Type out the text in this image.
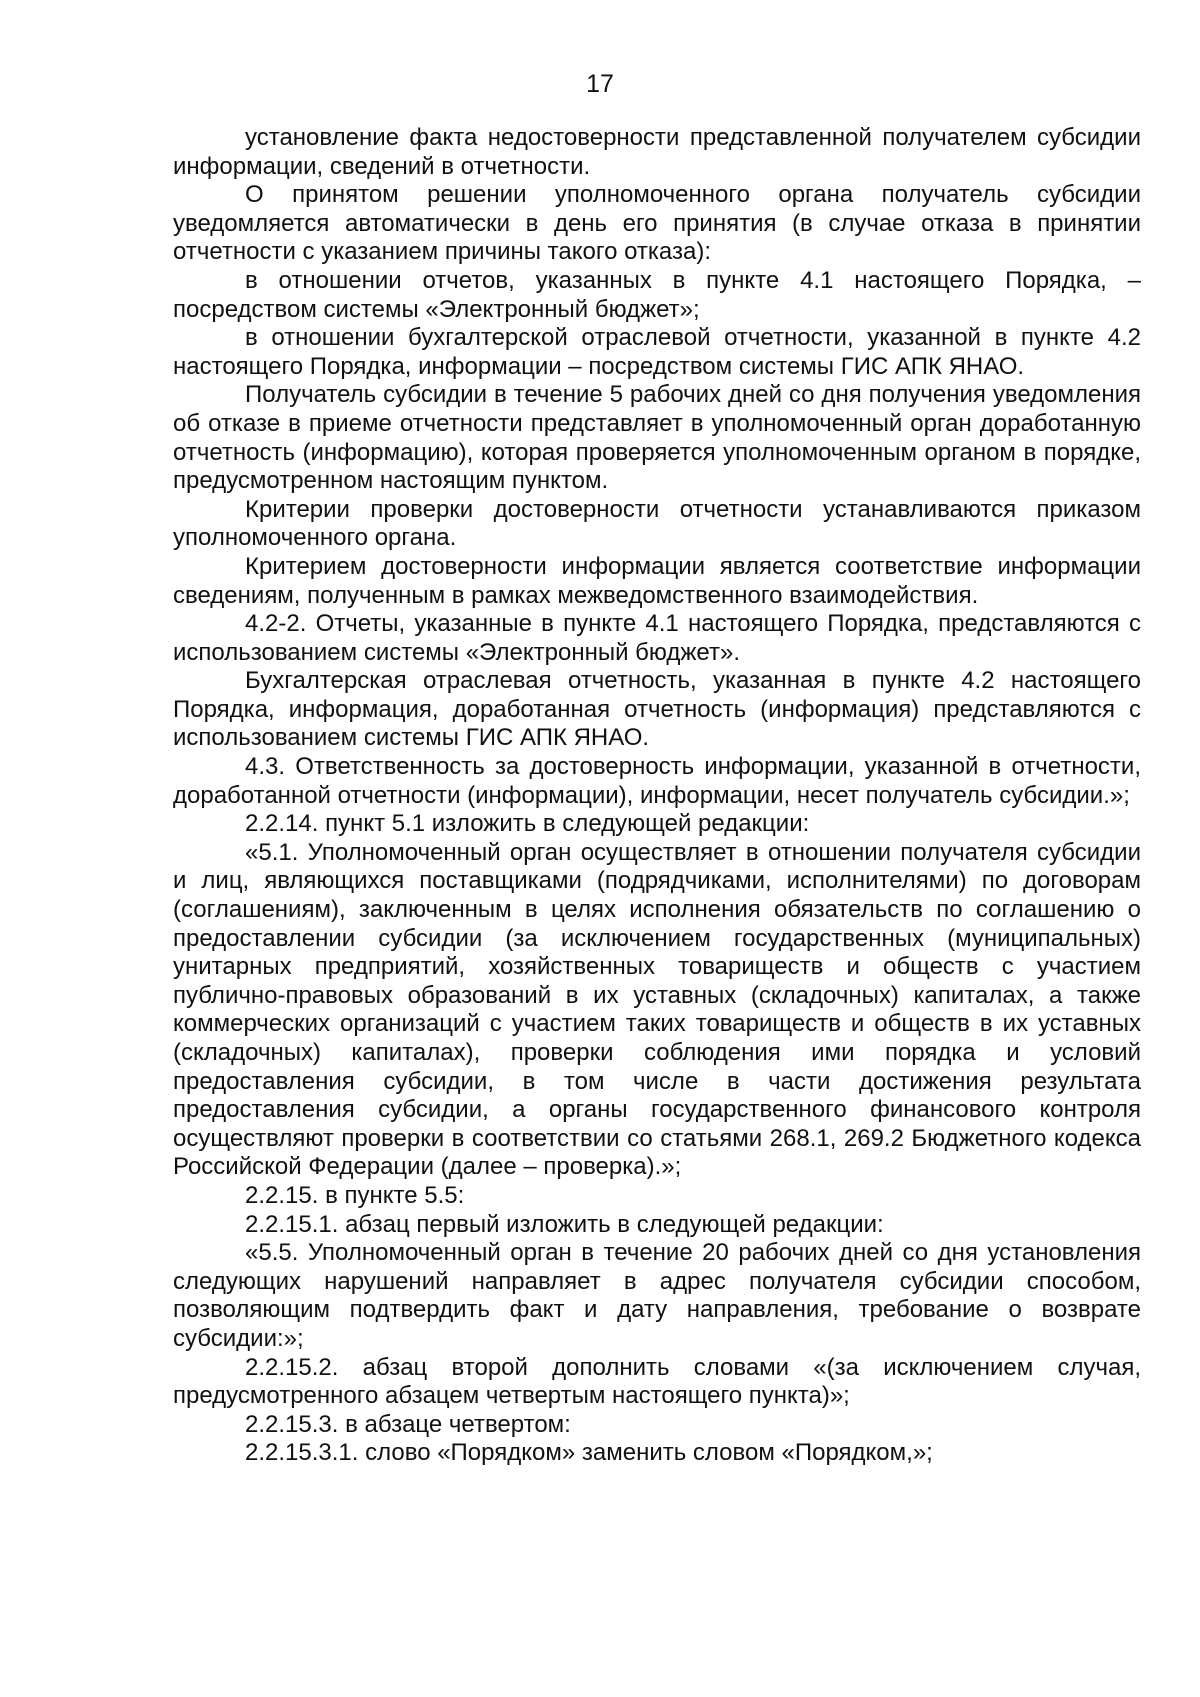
17

установление факта недостоверности представленной получателем субсидии информации, сведений в отчетности.

О принятом решении уполномоченного органа получатель субсидии уведомляется автоматически в день его принятия (в случае отказа в принятии отчетности с указанием причины такого отказа):

в отношении отчетов, указанных в пункте 4.1 настоящего Порядка, – посредством системы «Электронный бюджет»;

в отношении бухгалтерской отраслевой отчетности, указанной в пункте 4.2 настоящего Порядка, информации – посредством системы ГИС АПК ЯНАО.

Получатель субсидии в течение 5 рабочих дней со дня получения уведомления об отказе в приеме отчетности представляет в уполномоченный орган доработанную отчетность (информацию), которая проверяется уполномоченным органом в порядке, предусмотренном настоящим пунктом.

Критерии проверки достоверности отчетности устанавливаются приказом уполномоченного органа.

Критерием достоверности информации является соответствие информации сведениям, полученным в рамках межведомственного взаимодействия.

4.2-2. Отчеты, указанные в пункте 4.1 настоящего Порядка, представляются с использованием системы «Электронный бюджет».

Бухгалтерская отраслевая отчетность, указанная в пункте 4.2 настоящего Порядка, информация, доработанная отчетность (информация) представляются с использованием системы ГИС АПК ЯНАО.

4.3. Ответственность за достоверность информации, указанной в отчетности, доработанной отчетности (информации), информации, несет получатель субсидии.»;

2.2.14. пункт 5.1 изложить в следующей редакции:

«5.1. Уполномоченный орган осуществляет в отношении получателя субсидии и лиц, являющихся поставщиками (подрядчиками, исполнителями) по договорам (соглашениям), заключенным в целях исполнения обязательств по соглашению о предоставлении субсидии (за исключением государственных (муниципальных) унитарных предприятий, хозяйственных товариществ и обществ с участием публично-правовых образований в их уставных (складочных) капиталах, а также коммерческих организаций с участием таких товариществ и обществ в их уставных (складочных) капиталах), проверки соблюдения ими порядка и условий предоставления субсидии, в том числе в части достижения результата предоставления субсидии, а органы государственного финансового контроля осуществляют проверки в соответствии со статьями 268.1, 269.2 Бюджетного кодекса Российской Федерации (далее – проверка).»;

2.2.15. в пункте 5.5:

2.2.15.1. абзац первый изложить в следующей редакции:

«5.5. Уполномоченный орган в течение 20 рабочих дней со дня установления следующих нарушений направляет в адрес получателя субсидии способом, позволяющим подтвердить факт и дату направления, требование о возврате субсидии:»;

2.2.15.2. абзац второй дополнить словами «(за исключением случая, предусмотренного абзацем четвертым настоящего пункта)»;

2.2.15.3. в абзаце четвертом:

2.2.15.3.1. слово «Порядком» заменить словом «Порядком,»;
